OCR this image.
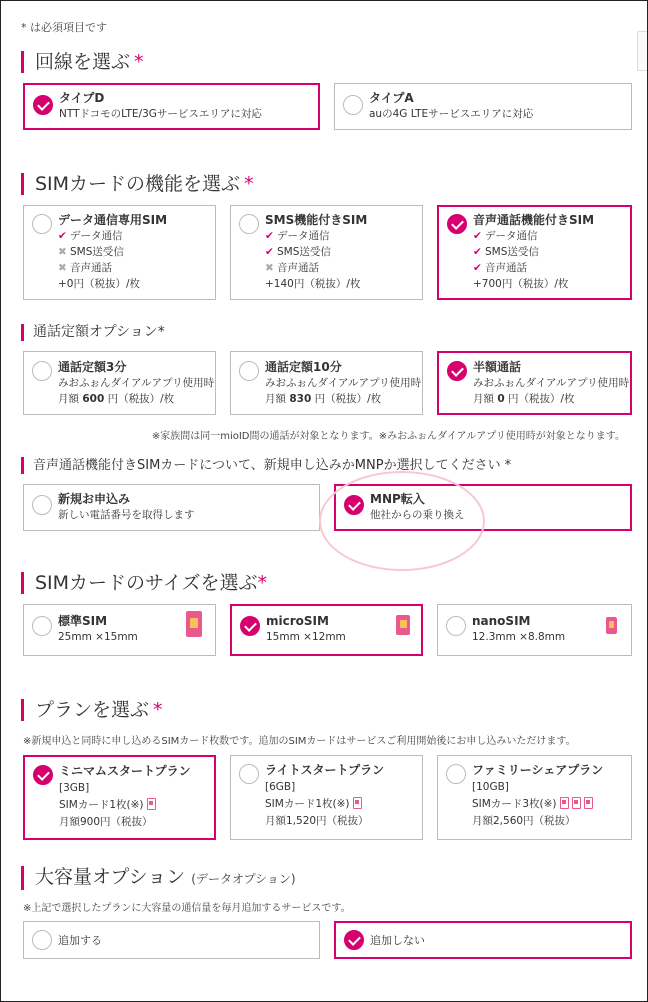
* は必須項目です
回線を選ぶ *
タイプD
NTTドコモのLTE/3Gサービスエリアに対応
タイプA
auの4G LTEサービスエリアに対応
SIMカードの機能を選ぶ *
データ通信専用SIM
✔ データ通信
✖ SMS送受信
✖ 音声通話
+0円（税抜）/枚
SMS機能付きSIM
✔ データ通信
✔ SMS送受信
✖ 音声通話
+140円（税抜）/枚
音声通話機能付きSIM
✔ データ通信
✔ SMS送受信
✔ 音声通話
+700円（税抜）/枚
通話定額オプション*
通話定額3分
みおふぉんダイアルアプリ使用時
月額 600 円（税抜）/枚
通話定額10分
みおふぉんダイアルアプリ使用時
月額 830 円（税抜）/枚
半額通話
みおふぉんダイアルアプリ使用時
月額 0 円（税抜）/枚
※家族間は同一mioID間の通話が対象となります。※みおふぉんダイアルアプリ使用時が対象となります。
音声通話機能付きSIMカードについて、新規申し込みかMNPか選択してください *
新規お申込み
新しい電話番号を取得します
MNP転入
他社からの乗り換え
SIMカードのサイズを選ぶ*
標準SIM
25mm ×15mm
microSIM
15mm ×12mm
nanoSIM
12.3mm ×8.8mm
プランを選ぶ *
※新規申込と同時に申し込めるSIMカード枚数です。追加のSIMカードはサービスご利用開始後にお申し込みいただけます。
ミニマムスタートプラン
[3GB]
SIMカード1枚(※)
月額900円（税抜）
ライトスタートプラン
[6GB]
SIMカード1枚(※)
月額1,520円（税抜）
ファミリーシェアプラン
[10GB]
SIMカード3枚(※)
月額2,560円（税抜）
大容量オプション (データオプション)
※上記で選択したプランに大容量の通信量を毎月追加するサービスです。
追加する	追加しない
